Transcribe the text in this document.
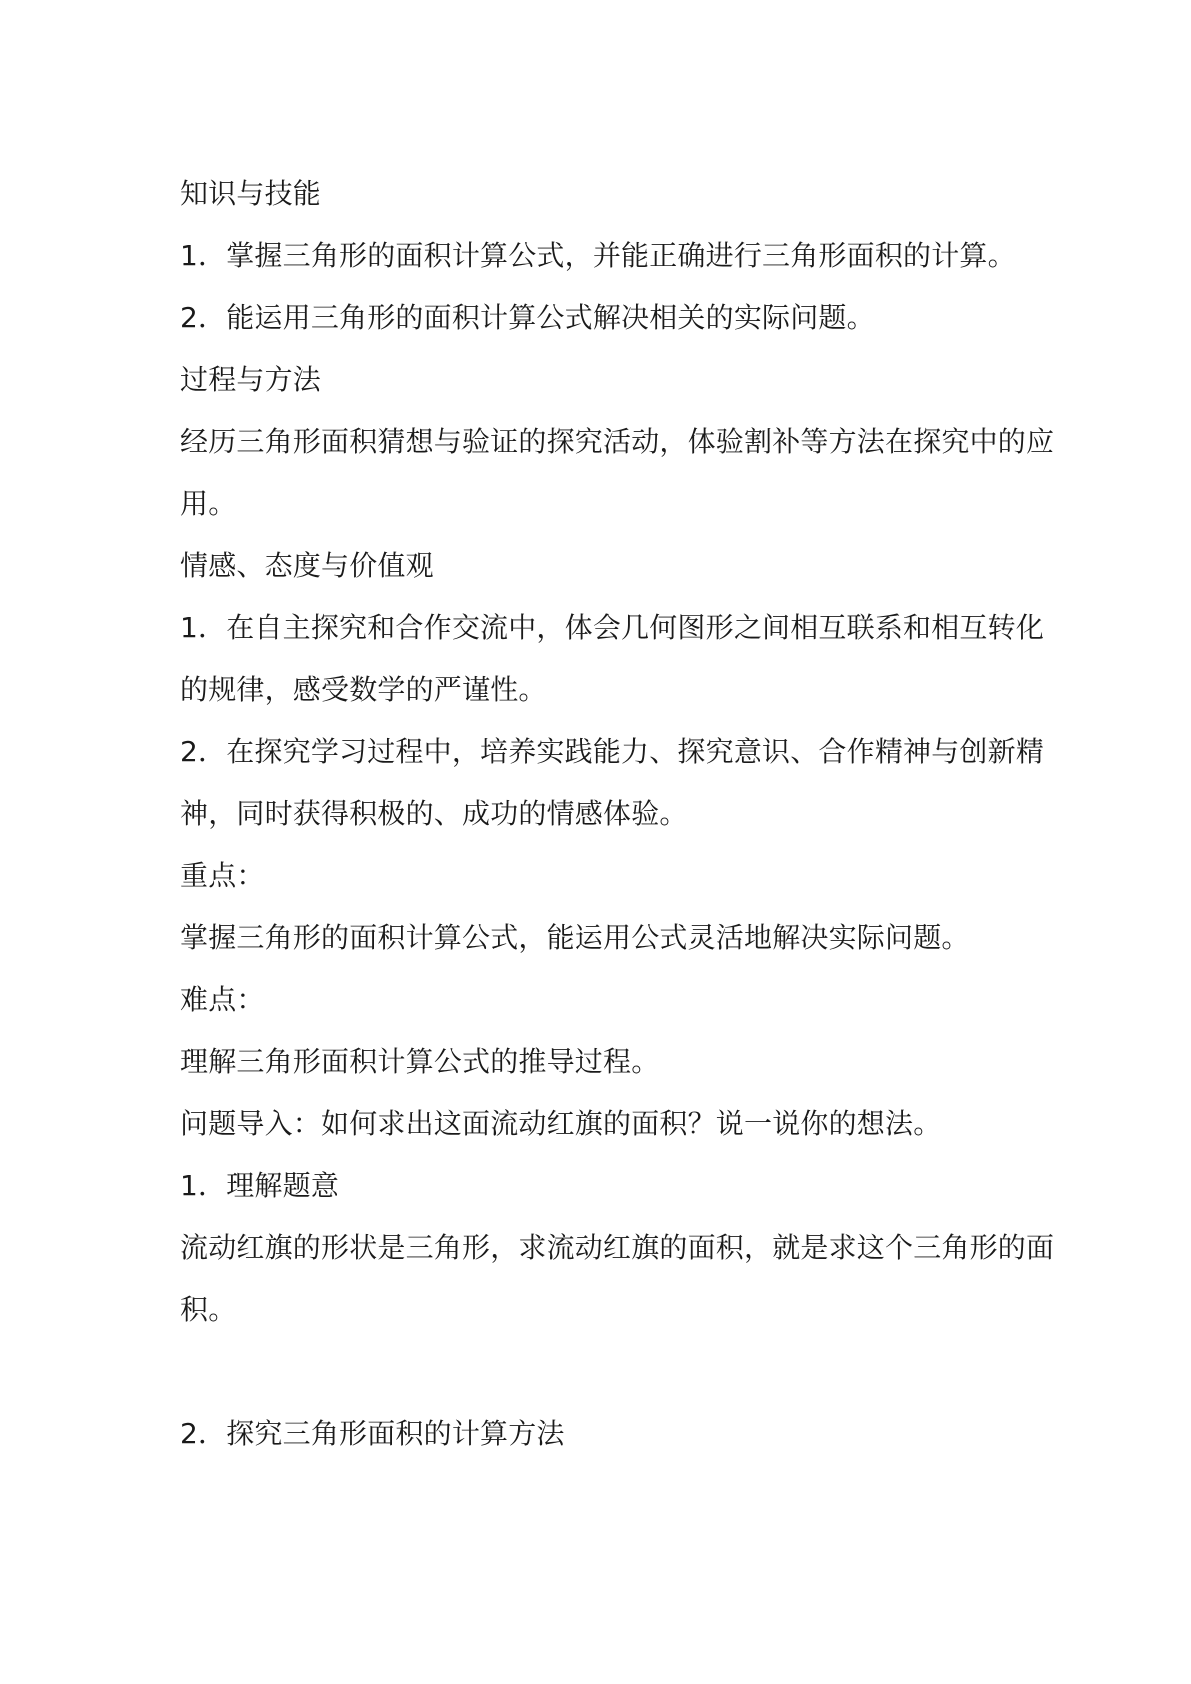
知识与技能
1．掌握三角形的面积计算公式，并能正确进行三角形面积的计算。
2．能运用三角形的面积计算公式解决相关的实际问题。
过程与方法
经历三角形面积猜想与验证的探究活动，体验割补等方法在探究中的应
用。
情感、态度与价值观
1．在自主探究和合作交流中，体会几何图形之间相互联系和相互转化
的规律，感受数学的严谨性。
2．在探究学习过程中，培养实践能力、探究意识、合作精神与创新精
神，同时获得积极的、成功的情感体验。
重点：
掌握三角形的面积计算公式，能运用公式灵活地解决实际问题。
难点：
理解三角形面积计算公式的推导过程。
问题导入：如何求出这面流动红旗的面积？说一说你的想法。
1．理解题意
流动红旗的形状是三角形，求流动红旗的面积，就是求这个三角形的面
积。
2．探究三角形面积的计算方法
